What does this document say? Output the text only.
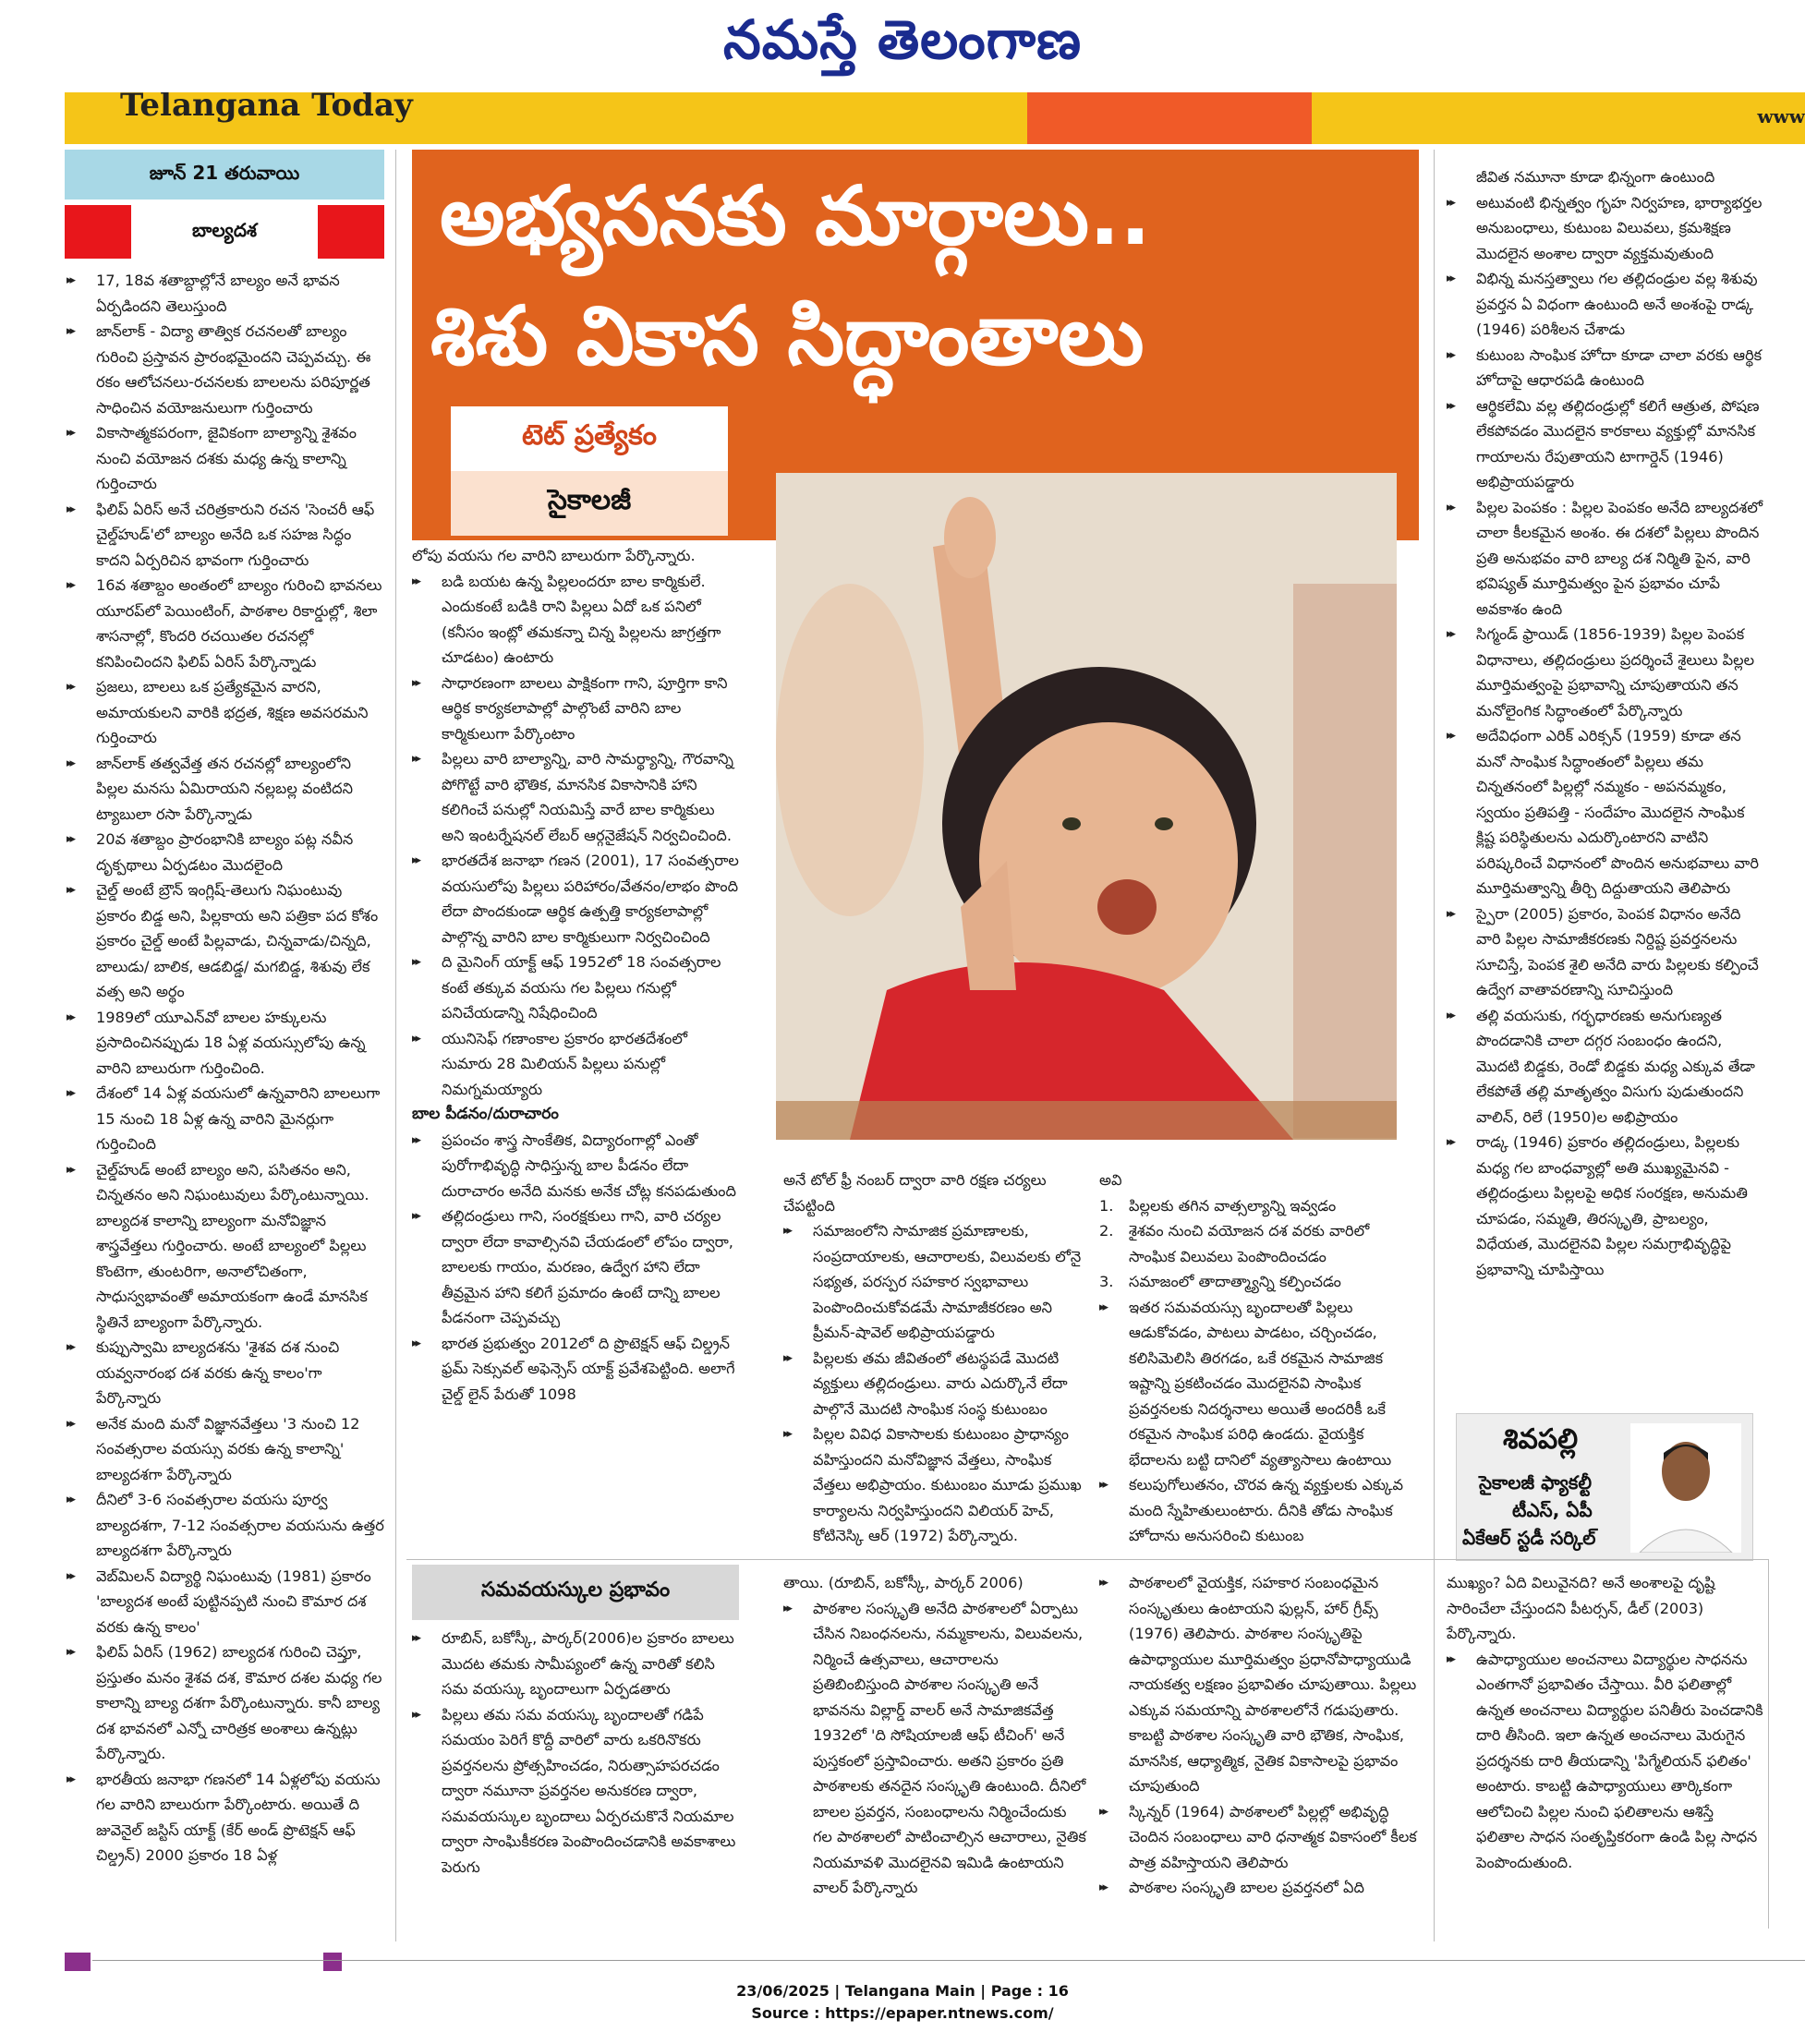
నమస్తే తెలంగాణ
Telangana Today	www
జూన్ 21 తరువాయి
బాల్యదశ
▸▸ 17, 18వ శతాబ్దాల్లోనే బాల్యం అనే భావన ఏర్పడిందని తెలుస్తుంది
▸▸ జాన్‌లాక్ - విద్యా తాత్విక రచనలతో బాల్యం గురించి ప్రస్తావన ప్రారంభమైందని చెప్పవచ్చు. ఈ రకం ఆలోచనలు-రచనలకు బాలలను పరిపూర్ణత సాధించిన వయోజనులుగా గుర్తించారు
▸▸ వికాసాత్మకపరంగా, జైవికంగా బాల్యాన్ని శైశవం నుంచి వయోజన దశకు మధ్య ఉన్న కాలాన్ని గుర్తించారు
▸▸ ఫిలిప్ ఏరిస్ అనే చరిత్రకారుని రచన 'సెంచరీ ఆఫ్ చైల్డ్‌హుడ్'లో బాల్యం అనేది ఒక సహజ సిద్ధం కాదని ఏర్పరిచిన భావంగా గుర్తించారు
▸▸ 16వ శతాబ్దం అంతంలో బాల్యం గురించి భావనలు యూరప్‌లో పెయింటింగ్, పాఠశాల రికార్డుల్లో, శిలా శాసనాల్లో, కొందరి రచయితల రచనల్లో కనిపించిందని ఫిలిప్ ఏరిస్ పేర్కొన్నాడు
▸▸ ప్రజలు, బాలలు ఒక ప్రత్యేకమైన వారని, అమాయకులని వారికి భద్రత, శిక్షణ అవసరమని గుర్తించారు
▸▸ జాన్‌లాక్ తత్వవేత్త తన రచనల్లో బాల్యంలోని పిల్లల మనసు ఏమిరాయని నల్లబల్ల వంటిదని ట్యాబులా రసా పేర్కొన్నాడు
▸▸ 20వ శతాబ్దం ప్రారంభానికి బాల్యం పట్ల నవీన దృక్పథాలు ఏర్పడటం మొదలైంది
▸▸ చైల్డ్ అంటే బ్రౌన్ ఇంగ్లిష్-తెలుగు నిఘంటువు ప్రకారం బిడ్డ అని, పిల్లకాయ అని పత్రికా పద కోశం ప్రకారం చైల్డ్ అంటే పిల్లవాడు, చిన్నవాడు/చిన్నది, బాలుడు/ బాలిక, ఆడబిడ్డ/ మగబిడ్డ, శిశువు లేక వత్స అని అర్థం
▸▸ 1989లో యూఎన్‌వో బాలల హక్కులను ప్రసాదించినప్పుడు 18 ఏళ్ల వయస్సులోపు ఉన్న వారిని బాలురుగా గుర్తించింది.
▸▸ దేశంలో 14 ఏళ్ల వయసులో ఉన్నవారిని బాలలుగా 15 నుంచి 18 ఏళ్ల ఉన్న వారిని మైనర్లుగా గుర్తించింది
▸▸ చైల్డ్‌హుడ్ అంటే బాల్యం అని, పసితనం అని, చిన్నతనం అని నిఘంటువులు పేర్కొంటున్నాయి. బాల్యదశ కాలాన్ని బాల్యంగా మనోవిజ్ఞాన శాస్త్రవేత్తలు గుర్తించారు. అంటే బాల్యంలో పిల్లలు కొంటెగా, తుంటరిగా, అనాలోచితంగా, సాధుస్వభావంతో అమాయకంగా ఉండే మానసిక స్థితినే బాల్యంగా పేర్కొన్నారు.
▸▸ కుప్పుస్వామి బాల్యదశను 'శైశవ దశ నుంచి యవ్వనారంభ దశ వరకు ఉన్న కాలం'గా పేర్కొన్నారు
▸▸ అనేక మంది మనో విజ్ఞానవేత్తలు '3 నుంచి 12 సంవత్సరాల వయస్సు వరకు ఉన్న కాలాన్ని' బాల్యదశగా పేర్కొన్నారు
▸▸ దీనిలో 3-6 సంవత్సరాల వయసు పూర్వ బాల్యదశగా, 7-12 సంవత్సరాల వయసును ఉత్తర బాల్యదశగా పేర్కొన్నారు
▸▸ వెబ్‌మిలన్ విద్యార్థి నిఘంటువు (1981) ప్రకారం 'బాల్యదశ అంటే పుట్టినప్పటి నుంచి కౌమార దశ వరకు ఉన్న కాలం'
▸▸ ఫిలిప్ ఏరిస్ (1962) బాల్యదశ గురించి చెప్తూ, ప్రస్తుతం మనం శైశవ దశ, కౌమార దశల మధ్య గల కాలాన్ని బాల్య దశగా పేర్కొంటున్నారు. కానీ బాల్య దశ భావనలో ఎన్నో చారిత్రక అంశాలు ఉన్నట్లు పేర్కొన్నారు.
▸▸ భారతీయ జనాభా గణనలో 14 ఏళ్లలోపు వయసు గల వారిని బాలురుగా పేర్కొంటారు. అయితే ది జువెనైల్ జస్టిస్ యాక్ట్ (కేర్ అండ్ ప్రొటెక్షన్ ఆఫ్ చిల్డ్రన్) 2000 ప్రకారం 18 ఏళ్ల
అభ్యసనకు మార్గాలు..
శిశు వికాస సిద్ధాంతాలు
టెట్ ప్రత్యేకం
సైకాలజీ

లోపు వయసు గల వారిని బాలురుగా పేర్కొన్నారు.

▸▸ బడి బయట ఉన్న పిల్లలందరూ బాల కార్మికులే. ఎందుకంటే బడికి రాని పిల్లలు ఏదో ఒక పనిలో (కనీసం ఇంట్లో తమకన్నా చిన్న పిల్లలను జాగ్రత్తగా చూడటం) ఉంటారు
▸▸ సాధారణంగా బాలలు పాక్షికంగా గాని, పూర్తిగా కాని ఆర్థిక కార్యకలాపాల్లో పాల్గొంటే వారిని బాల కార్మికులుగా పేర్కొంటాం
▸▸ పిల్లలు వారి బాల్యాన్ని, వారి సామర్థ్యాన్ని, గౌరవాన్ని పోగొట్టే వారి భౌతిక, మానసిక వికాసానికి హాని కలిగించే పనుల్లో నియమిస్తే వారే బాల కార్మికులు అని ఇంటర్నేషనల్ లేబర్ ఆర్గనైజేషన్ నిర్వచించింది.
▸▸ భారతదేశ జనాభా గణన (2001), 17 సంవత్సరాల వయసులోపు పిల్లలు పరిహారం/వేతనం/లాభం పొంది లేదా పొందకుండా ఆర్థిక ఉత్పత్తి కార్యకలాపాల్లో పాల్గొన్న వారిని బాల కార్మికులుగా నిర్వచించింది
▸▸ ది మైనింగ్ యాక్ట్ ఆఫ్ 1952లో 18 సంవత్సరాల కంటే తక్కువ వయసు గల పిల్లలు గనుల్లో పనిచేయడాన్ని నిషేధించింది
▸▸ యునిసెఫ్ గణాంకాల ప్రకారం భారతదేశంలో సుమారు 28 మిలియన్ పిల్లలు పనుల్లో నిమగ్నమయ్యారు

బాల పీడనం/దురాచారం

▸▸ ప్రపంచం శాస్త్ర సాంకేతిక, విద్యారంగాల్లో ఎంతో పురోగాభివృద్ధి సాధిస్తున్న బాల పీడనం లేదా దురాచారం అనేది మనకు అనేక చోట్ల కనపడుతుంది
▸▸ తల్లిదండ్రులు గాని, సంరక్షకులు గాని, వారి చర్యల ద్వారా లేదా కావాల్సినవి చేయడంలో లోపం ద్వారా, బాలలకు గాయం, మరణం, ఉద్వేగ హాని లేదా తీవ్రమైన హాని కలిగే ప్రమాదం ఉంటే దాన్ని బాలల పీడనంగా చెప్పవచ్చు
▸▸ భారత ప్రభుత్వం 2012లో ది ప్రొటెక్షన్ ఆఫ్ చిల్డ్రన్ ఫ్రమ్ సెక్సువల్ అఫెన్సెస్ యాక్ట్ ప్రవేశపెట్టింది. అలాగే చైల్డ్ లైన్ పేరుతో 1098

అనే టోల్ ఫ్రీ నంబర్ ద్వారా వారి రక్షణ చర్యలు చేపట్టింది

▸▸ సమాజంలోని సామాజిక ప్రమాణాలకు, సంప్రదాయాలకు, ఆచారాలకు, విలువలకు లోనై సభ్యత, పరస్పర సహకార స్వభావాలు పెంపొందించుకోవడమే సామాజీకరణం అని ప్రీమన్-షావెల్ అభిప్రాయపడ్డారు
▸▸ పిల్లలకు తమ జీవితంలో తటస్థపడే మొదటి వ్యక్తులు తల్లిదండ్రులు. వారు ఎదుర్కొనే లేదా పాల్గొనే మొదటి సాంఘిక సంస్థ కుటుంబం
▸▸ పిల్లల వివిధ వికాసాలకు కుటుంబం ప్రాధాన్యం వహిస్తుందని మనోవిజ్ఞాన వేత్తలు, సాంఘిక వేత్తలు అభిప్రాయం. కుటుంబం మూడు ప్రముఖ కార్యాలను నిర్వహిస్తుందని విలియర్ హెచ్, కోటినెస్కి ఆర్ (1972) పేర్కొన్నారు.

అవి

1. పిల్లలకు తగిన వాత్సల్యాన్ని ఇవ్వడం
2. శైశవం నుంచి వయోజన దశ వరకు వారిలో సాంఘిక విలువలు పెంపొందించడం
3. సమాజంలో తాదాత్మ్యాన్ని కల్పించడం
▸▸ ఇతర సమవయస్సు బృందాలతో పిల్లలు ఆడుకోవడం, పాటలు పాడటం, చర్చించడం, కలిసిమెలిసి తిరగడం, ఒకే రకమైన సామాజిక ఇష్టాన్ని ప్రకటించడం మొదలైనవి సాంఘిక ప్రవర్తనలకు నిదర్శనాలు అయితే అందరికీ ఒకే రకమైన సాంఘిక పరిధి ఉండదు. వైయక్తిక భేదాలను బట్టి దానిలో వ్యత్యాసాలు ఉంటాయి
▸▸ కలుపుగోలుతనం, చొరవ ఉన్న వ్యక్తులకు ఎక్కువ మంది స్నేహితులుంటారు. దీనికి తోడు సాంఘిక హోదాను అనుసరించి కుటుంబ

జీవిత నమూనా కూడా భిన్నంగా ఉంటుంది

▸▸ అటువంటి భిన్నత్వం గృహ నిర్వహణ, భార్యాభర్తల అనుబంధాలు, కుటుంబ విలువలు, క్రమశిక్షణ మొదలైన అంశాల ద్వారా వ్యక్తమవుతుంది
▸▸ విభిన్న మనస్తత్వాలు గల తల్లిదండ్రుల వల్ల శిశువు ప్రవర్తన ఏ విధంగా ఉంటుంది అనే అంశంపై రాడ్క (1946) పరిశీలన చేశాడు
▸▸ కుటుంబ సాంఘిక హోదా కూడా చాలా వరకు ఆర్థిక హోదాపై ఆధారపడి ఉంటుంది
▸▸ ఆర్థికలేమి వల్ల తల్లిదండ్రుల్లో కలిగే ఆత్రుత, పోషణ లేకపోవడం మొదలైన కారకాలు వ్యక్తుల్లో మానసిక గాయాలను రేపుతాయని టాగార్డెన్ (1946) అభిప్రాయపడ్డారు
▸▸ పిల్లల పెంపకం : పిల్లల పెంపకం అనేది బాల్యదశలో చాలా కీలకమైన అంశం. ఈ దశలో పిల్లలు పొందిన ప్రతి అనుభవం వారి బాల్య దశ నిర్మితి పైన, వారి భవిష్యత్ మూర్తిమత్వం పైన ప్రభావం చూపే అవకాశం ఉంది
▸▸ సిగ్మండ్ ఫ్రాయిడ్ (1856-1939) పిల్లల పెంపక విధానాలు, తల్లిదండ్రులు ప్రదర్శించే శైలులు పిల్లల మూర్తిమత్వంపై ప్రభావాన్ని చూపుతాయని తన మనోలైంగిక సిద్ధాంతంలో పేర్కొన్నారు
▸▸ అదేవిధంగా ఎరిక్ ఎరిక్సన్ (1959) కూడా తన మనో సాంఘిక సిద్ధాంతంలో పిల్లలు తమ చిన్నతనంలో పిల్లల్లో నమ్మకం - అపనమ్మకం, స్వయం ప్రతిపత్తి - సందేహం మొదలైన సాంఘిక క్లిష్ట పరిస్థితులను ఎదుర్కొంటారని వాటిని పరిష్కరించే విధానంలో పొందిన అనుభవాలు వారి మూర్తిమత్వాన్ని తీర్చి దిద్దుతాయని తెలిపారు
▸▸ స్పైరా (2005) ప్రకారం, పెంపక విధానం అనేది వారి పిల్లల సామాజీకరణకు నిర్దిష్ట ప్రవర్తనలను సూచిస్తే, పెంపక శైలి అనేది వారు పిల్లలకు కల్పించే ఉద్వేగ వాతావరణాన్ని సూచిస్తుంది
▸▸ తల్లి వయసుకు, గర్భధారణకు అనుగుణ్యత పొందడానికి చాలా దగ్గర సంబంధం ఉందని, మొదటి బిడ్డకు, రెండో బిడ్డకు మధ్య ఎక్కువ తేడా లేకపోతే తల్లి మాతృత్వం విసుగు పుడుతుందని వాలిన్, రిలే (1950)ల అభిప్రాయం
▸▸ రాడ్క (1946) ప్రకారం తల్లిదండ్రులు, పిల్లలకు మధ్య గల బాంధవ్యాల్లో అతి ముఖ్యమైనవి - తల్లిదండ్రులు పిల్లలపై అధిక సంరక్షణ, అనుమతి చూపడం, సమ్మతి, తిరస్కృతి, ప్రాబల్యం, విధేయత, మొదలైనవి పిల్లల సమగ్రాభివృద్ధిపై ప్రభావాన్ని చూపిస్తాయి
శివపల్లి
సైకాలజీ ఫ్యాకల్టీ
టీఎస్, ఏపీ
ఏకేఆర్ స్టడీ సర్కిల్
సమవయస్కుల ప్రభావం
▸▸ రూబిన్, బకోస్కీ, పార్కర్(2006)ల ప్రకారం బాలలు మొదట తమకు సామీప్యంలో ఉన్న వారితో కలిసి సమ వయస్కు బృందాలుగా ఏర్పడతారు
▸▸ పిల్లలు తమ సమ వయస్కు బృందాలతో గడిపే సమయం పెరిగే కొద్దీ వారిలో వారు ఒకరినొకరు ప్రవర్తనలను ప్రోత్సహించడం, నిరుత్సాహపరచడం ద్వారా నమూనా ప్రవర్తనల అనుకరణ ద్వారా, సమవయస్కుల బృందాలు ఏర్పరచుకొనే నియమాల ద్వారా సాంఘికీకరణ పెంపొందించడానికి అవకాశాలు పెరుగు

తాయి. (రూబిన్, బకోస్కీ, పార్కర్ 2006)

▸▸ పాఠశాల సంస్కృతి అనేది పాఠశాలలో ఏర్పాటు చేసిన నిబంధనలను, నమ్మకాలను, విలువలను, నిర్మించే ఉత్సవాలు, ఆచారాలను ప్రతిబింబిస్తుంది పాఠశాల సంస్కృతి అనే భావనను విల్లార్డ్ వాలర్ అనే సామాజికవేత్త 1932లో 'ది సోషియాలజీ ఆఫ్ టీచింగ్' అనే పుస్తకంలో ప్రస్తావించారు. అతని ప్రకారం ప్రతి పాఠశాలకు తనదైన సంస్కృతి ఉంటుంది. దీనిలో బాలల ప్రవర్తన, సంబంధాలను నిర్మించేందుకు గల పాఠశాలలో పాటించాల్సిన ఆచారాలు, నైతిక నియమావళి మొదలైనవి ఇమిడి ఉంటాయని వాలర్ పేర్కొన్నారు
▸▸ పాఠశాలలో వైయక్తిక, సహకార సంబంధమైన సంస్కృతులు ఉంటాయని ఫుల్లన్, హార్ గ్రీవ్స్ (1976) తెలిపారు. పాఠశాల సంస్కృతిపై ఉపాధ్యాయుల మూర్తిమత్వం ప్రధానోపాధ్యాయుడి నాయకత్వ లక్షణం ప్రభావితం చూపుతాయి. పిల్లలు ఎక్కువ సమయాన్ని పాఠశాలలోనే గడుపుతారు. కాబట్టి పాఠశాల సంస్కృతి వారి భౌతిక, సాంఘిక, మానసిక, ఆధ్యాత్మిక, నైతిక వికాసాలపై ప్రభావం చూపుతుంది
▸▸ స్కిన్నర్ (1964) పాఠశాలలో పిల్లల్లో అభివృద్ధి చెందిన సంబంధాలు వారి ధనాత్మక వికాసంలో కీలక పాత్ర వహిస్తాయని తెలిపారు
▸▸ పాఠశాల సంస్కృతి బాలల ప్రవర్తనలో ఏది

ముఖ్యం? ఏది విలువైనది? అనే అంశాలపై దృష్టి సారించేలా చేస్తుందని పీటర్సన్, డీల్ (2003) పేర్కొన్నారు.

▸▸ ఉపాధ్యాయుల అంచనాలు విద్యార్థుల సాధనను ఎంతగానో ప్రభావితం చేస్తాయి. వీరి ఫలితాల్లో ఉన్నత అంచనాలు విద్యార్థుల పనితీరు పెంచడానికి దారి తీసింది. ఇలా ఉన్నత అంచనాలు మెరుగైన ప్రదర్శనకు దారి తీయడాన్ని 'పిగ్మేలియన్ ఫలితం' అంటారు. కాబట్టి ఉపాధ్యాయులు తార్కికంగా ఆలోచించి పిల్లల నుంచి ఫలితాలను ఆశిస్తే ఫలితాల సాధన సంతృప్తికరంగా ఉండి పిల్ల సాధన పెంపొందుతుంది.
23/06/2025 | Telangana Main | Page : 16
Source : https://epaper.ntnews.com/
